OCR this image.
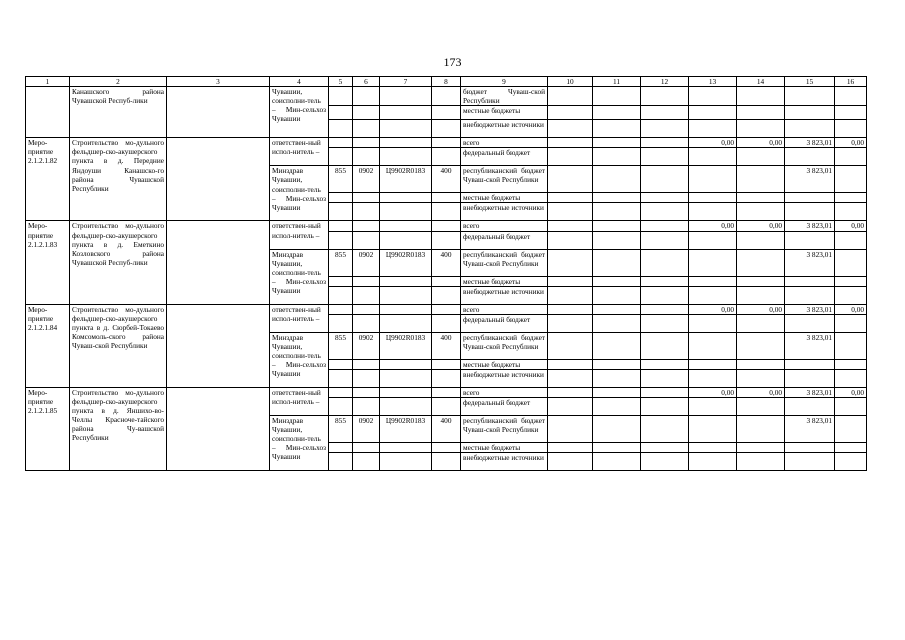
173
1	2	3	4	5	6	7	8	9	10	11	12	13	14	15	16
	Канашского района Чувашской Респуб-лики		Чувашии, соисполни-тель – Мин-сельхоз Чувашии					бюджет Чуваш-ской Республики							
								местные бюджеты							
								внебюджетные источники							
Меро-приятие 2.1.2.1.82	Строительство мо-дульного фельдшер-ско-акушерского пункта в д. Передние Яндоуши Канашско-го района Чувашской Республики		ответствен-ный испол-нитель –					всего				0,00	0,00	3 823,01	0,00
								федеральный бюджет							
			Минздрав Чувашии, соисполни-тель – Мин-сельхоз Чувашии	855	0902	Ц9902R0183	400	республиканский бюджет Чуваш-ской Республики						3 823,01	
								местные бюджеты							
								внебюджетные источники							
Меро-приятие 2.1.2.1.83	Строительство мо-дульного фельдшер-ско-акушерского пункта в д. Еметкино Козловского района Чувашской Респуб-лики		ответствен-ный испол-нитель –					всего				0,00	0,00	3 823,01	0,00
								федеральный бюджет							
			Минздрав Чувашии, соисполни-тель – Мин-сельхоз Чувашии	855	0902	Ц9902R0183	400	республиканский бюджет Чуваш-ской Республики						3 823,01	
								местные бюджеты							
								внебюджетные источники							
Меро-приятие 2.1.2.1.84	Строительство мо-дульного фельдшер-ско-акушерского пункта в д. Сюрбей-Токаево Комсомоль-ского района Чуваш-ской Республики		ответствен-ный испол-нитель –					всего				0,00	0,00	3 823,01	0,00
								федеральный бюджет							
			Минздрав Чувашии, соисполни-тель – Мин-сельхоз Чувашии	855	0902	Ц9902R0183	400	республиканский бюджет Чуваш-ской Республики						3 823,01	
								местные бюджеты							
								внебюджетные источники							
Меро-приятие 2.1.2.1.85	Строительство мо-дульного фельдшер-ско-акушерского пункта в д. Яншихо-во-Челлы Красноче-тайского района Чу-вашской Республики		ответствен-ный испол-нитель –					всего				0,00	0,00	3 823,01	0,00
								федеральный бюджет							
			Минздрав Чувашии, соисполни-тель – Мин-сельхоз Чувашии	855	0902	Ц9902R0183	400	республиканский бюджет Чуваш-ской Республики						3 823,01	
								местные бюджеты							
								внебюджетные источники							
